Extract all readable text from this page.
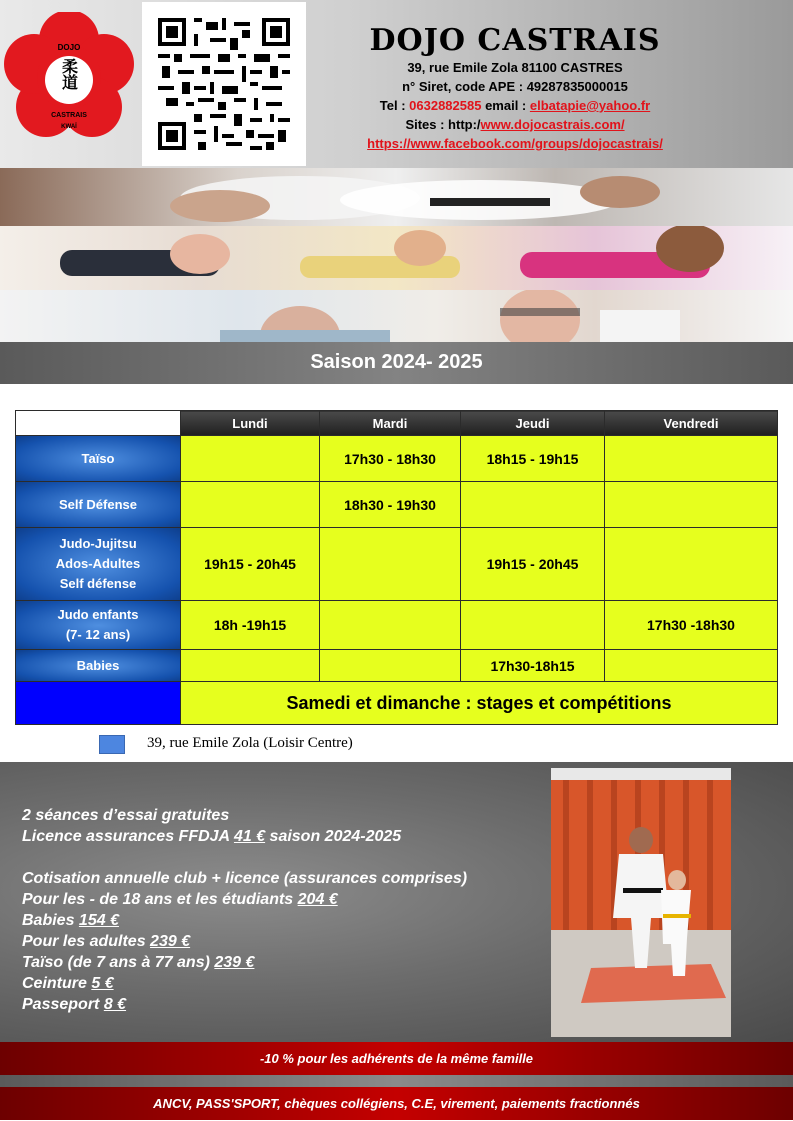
DOJO
柔道
CASTRAIS
KWAÏ
DOJO CASTRAIS
39, rue Emile Zola 81100 CASTRES
n° Siret, code APE : 49287835000015
Tel : 0632882585 email : elbatapie@yahoo.fr
Sites : http:/www.dojocastrais.com/
https://www.facebook.com/groups/dojocastrais/
Saison 2024- 2025
	Lundi	Mardi	Jeudi	Vendredi
Taïso		17h30 - 18h30	18h15 - 19h15	
Self Défense		18h30 - 19h30		

Judo-Jujitsu
Ados-Adultes
Self défense	19h15 - 20h45		19h15 - 20h45	

Judo enfants
(7- 12 ans)	18h -19h15			17h30 -18h30
Babies			17h30-18h15	
	Samedi et dimanche : stages et compétitions			
39, rue Emile Zola (Loisir Centre)
2 séances d’essai gratuites
Licence assurances FFDJA 41 € saison 2024-2025
Cotisation annuelle club + licence (assurances comprises)
Pour les - de 18 ans et les étudiants 204 €
Babies 154 €
Pour les adultes 239 €
Taïso (de 7 ans à 77 ans) 239 €
Ceinture 5 €
Passeport 8 €
-10 % pour les adhérents de la même famille
ANCV, PASS'SPORT, chèques collégiens, C.E, virement, paiements fractionnés
